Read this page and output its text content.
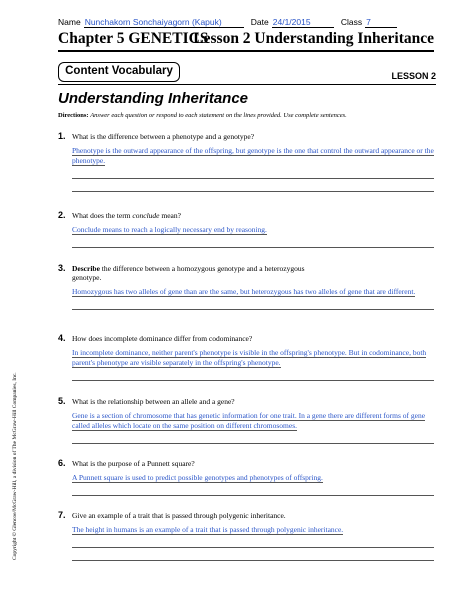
Name Nunchakorn Sonchaiyagorn (Kapuk)	Date 24/1/2015	Class 7
Chapter 5 GENETICS
Lesson 2 Understanding Inheritance
Content Vocabulary	LESSON 2
Understanding Inheritance
Directions: Answer each question or respond to each statement on the lines provided. Use complete sentences.
1. What is the difference between a phenotype and a genotype?
Phenotype is the outward appearance of the offspring, but genotype is the one that control the outward appearance or the phenotype.
2. What does the term conclude mean?
Conclude means to reach a logically necessary end by reasoning.
3. Describe the difference between a homozygous genotype and a heterozygous
genotype.
Homozygous has two alleles of gene than are the same, but heterozygous has two alleles of gene that are different.
4. How does incomplete dominance differ from codominance?
In incomplete dominance, neither parent's phenotype is visible in the offspring's phenotype. But in codominance, both parent's phenotype are visible separately in the offspring's phenotype.
5. What is the relationship between an allele and a gene?
Gene is a section of chromosome that has genetic information for one trait. In a gene there are different forms of gene called alleles which locate on the same position on different chromosomes.
6. What is the purpose of a Punnett square?
A Punnett square is used to predict possible genotypes and phenotypes of offspring.
7. Give an example of a trait that is passed through polygenic inheritance.
The height in humans is an example of a trait that is passed through polygenic inheritance.
Copyright © Glencoe/McGraw-Hill, a division of The McGraw-Hill Companies, Inc.
